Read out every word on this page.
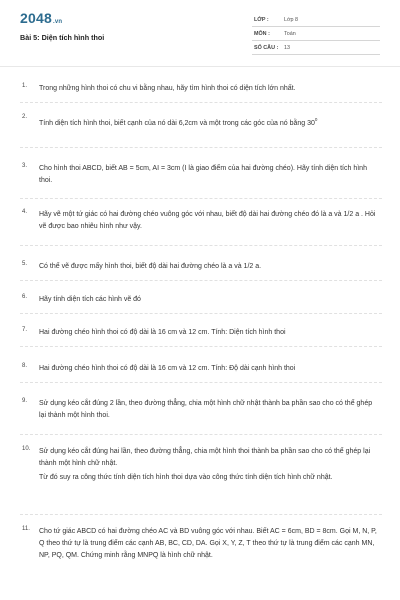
2048.vn
Bài 5: Diện tích hình thoi
LỚP :	Lớp 8
MÔN :	Toán
SỐ CÂU : 13
1.	Trong những hình thoi có chu vi bằng nhau, hãy tìm hình thoi có diện tích lớn nhất.

2.

Tính diện tích hình thoi, biết cạnh của nó dài 6,2cm và một trong các góc của nó bằng $30^0$

3.	Cho hình thoi ABCD, biết AB = 5cm, AI = 3cm (I là giao điểm của hai đường chéo). Hãy tính diện tích hình thoi.

4.	Hãy vẽ một tứ giác có hai đường chéo vuông góc với nhau, biết độ dài hai đường chéo đó là a và 1/2 a . Hỏi vẽ được bao nhiêu hình như vậy.

5.	Có thể vẽ được mấy hình thoi, biết độ dài hai đường chéo là a và 1/2 a.

6.	Hãy tính diện tích các hình vẽ đó

7.	Hai đường chéo hình thoi có độ dài là 16 cm và 12 cm. Tính: Diện tích hình thoi

8.	Hai đường chéo hình thoi có độ dài là 16 cm và 12 cm. Tính: Độ dài cạnh hình thoi

9.	Sử dụng kéo cắt đúng 2 lần, theo đường thẳng, chia một hình chữ nhật thành ba phần sao cho có thể ghép lại thành một hình thoi.

10.	Sử dụng kéo cắt đúng hai lần, theo đường thẳng, chia một hình thoi thành ba phần sao cho có thể ghép lại thành một hình chữ nhật.

Từ đó suy ra công thức tính diện tích hình thoi dựa vào công thức tính diện tích hình chữ nhật.

11.	Cho tứ giác ABCD có hai đường chéo AC và BD vuông góc với nhau. Biết AC = 6cm, BD = 8cm. Gọi M, N, P, Q theo thứ tự là trung điểm các cạnh AB, BC, CD, DA. Gọi X, Y, Z, T theo thứ tự là trung điểm các cạnh MN, NP, PQ, QM. Chứng minh rằng MNPQ là hình chữ nhật.
